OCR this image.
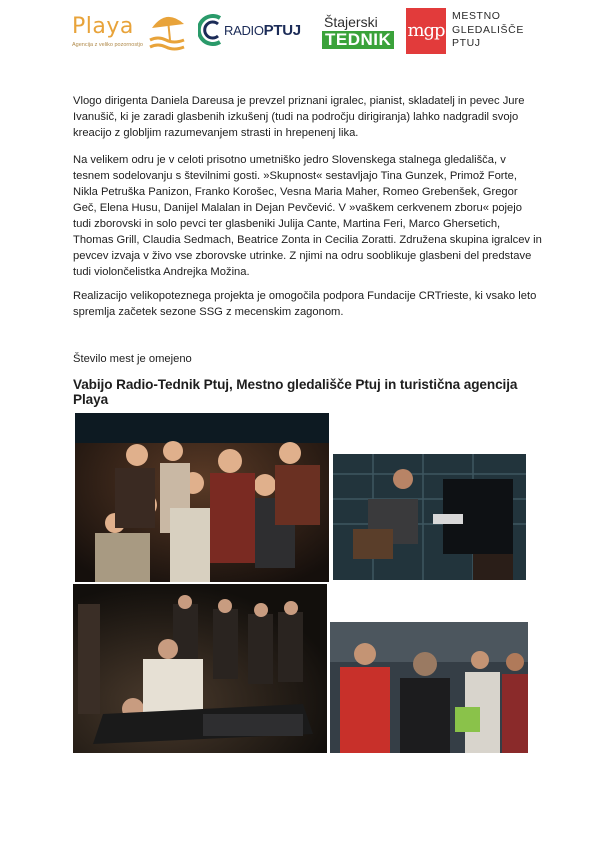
Playa
Agencija z veliko pozornostjo
RADIOPTUJ Štajerski
TEDNIK mgp
MESTNO
GLEDALIŠČE
PTUJ

Vlogo dirigenta Daniela Dareusa je prevzel priznani igralec, pianist, skladatelj in pevec Jure Ivanušič, ki je zaradi glasbenih izkušenj (tudi na področju dirigiranja) lahko nadgradil svojo kreacijo z globljim razumevanjem strasti in hrepenenj lika.

Na velikem odru je v celoti prisotno umetniško jedro Slovenskega stalnega gledališča, v tesnem sodelovanju s številnimi gosti. »Skupnost« sestavljajo Tina Gunzek, Primož Forte, Nikla Petruška Panizon, Franko Korošec, Vesna Maria Maher, Romeo Grebenšek, Gregor Geč, Elena Husu, Danijel Malalan in Dejan Pevčević. V »vaškem cerkvenem zboru« pojejo tudi zborovski in solo pevci ter glasbeniki Julija Cante, Martina Feri, Marco Ghersetich, Thomas Grill, Claudia Sedmach, Beatrice Zonta in Cecilia Zoratti. Združena skupina igralcev in pevcev izvaja v živo vse zborovske utrinke. Z njimi na odru sooblikuje glasbeni del predstave tudi violončelistka Andrejka Možina.

Realizacijo velikopoteznega projekta je omogočila podpora Fundacije CRTrieste, ki vsako leto spremlja začetek sezone SSG z mecenskim zagonom.

Število mest je omejeno

Vabijo Radio-Tednik Ptuj, Mestno gledališče Ptuj in turistična agencija Playa
